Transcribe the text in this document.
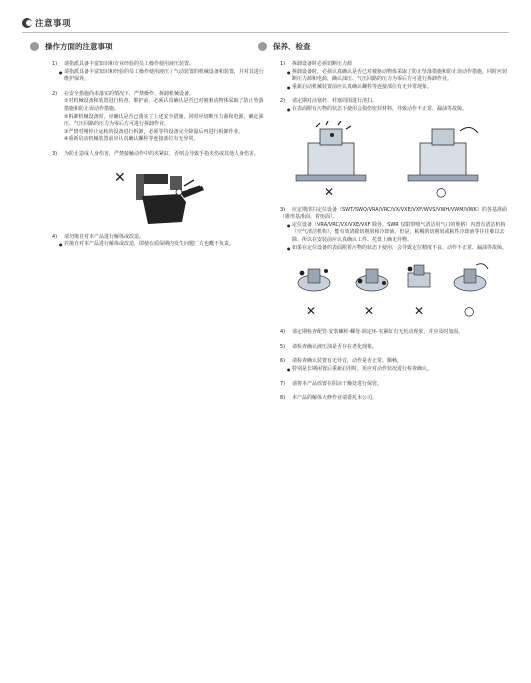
注意事项
操作方面的注意事项
1) 请指派具备丰富知识和专业经验的员工操作使用液压装置。
● 请指派具备丰富知识和经验的员工操作使用液压 / 气动装置的机械设备和装置，并对其进行维护保养。
2) 在安全措施尚未落实的情况下，严禁操作、拆卸机械设备。
①对机械设备和装置进行检查、维护前，必须认真确认是否已对被驱动物体采取了防止坠落措施和防止误动作措施。
②拆卸机械设备时，应确认是否已落实了上述安全措施，同时应切断压力源和电源，确定油压、气压回路的压力为零后方可进行拆卸作业。
③严禁对刚停止运转的设备进行拆卸，必须等待设备完全降温后再进行拆卸作业。
④重新启动机械装置前应认真确认螺栓等连接部位有无异常。
3) 为防止造成人身伤害，严禁接触动作中的夹紧缸，否则会导致手指夹伤或其他人身伤害。
✕
4) 请勿擅自对本产品进行解体或改造。
● 若擅自对本产品进行解体或改造，即使在质保期内发生问题厂方也概不负责。
保养、检查
1) 拆卸设备时必须切断压力源
● 拆卸设备时，必须认真确认是否已对被驱动物体采取了防止坠落措施和防止误动作措施，同时应切断压力源和电源，确认油压、气压回路的压力为零后方可进行拆卸作业。
● 重新启动机械装置前应认真确认螺栓等连接部位有无异常现象。
2) 请定期对活塞杆、柱塞周围进行清扫。
● 在表面附有污物的状态下使用会损伤密封材料，导致动作不正常、漏油等故障。
✕	○
3) 应定期清扫定位设备（SWT/SWQ/VRA/VRC/VX/VXE/VXF/WVS/VWH/VWM/VWK）的各基准面（锥形基准面、着座面）。
● 定位设备（VRA/VRC/VX/VXE/VXF 除外、SWR 仅限带喷气清洁用气口的规格）内置有清洁机构（空气清洁机构），能有效清除切削屑和冷却液。但是，粘稠的切削屑或粘性冷却液等往往难以去除，所以在安装前应认真确认工件、托盘上确无异物。
● 如果在定位设备的表面附着污物的状态下使用，会导致定位精度不良、动作不正常、漏油等故障。
✕	✕	✕	○
4) 请定期检查配管·安装螺栓·螺母·调定环·夹紧缸有无松动现象，并应及时加固。
5) 请检查确认液压油是否存在老化现象。
6) 请检查确认装置有无异音，动作是否正常、顺畅。
● 特别是长期闲置后重新启用时，更应对动作状况进行检查确认。
7) 请将本产品放置在阴凉干燥处进行保管。
8) 本产品的解体大修作业请委托本公司。
